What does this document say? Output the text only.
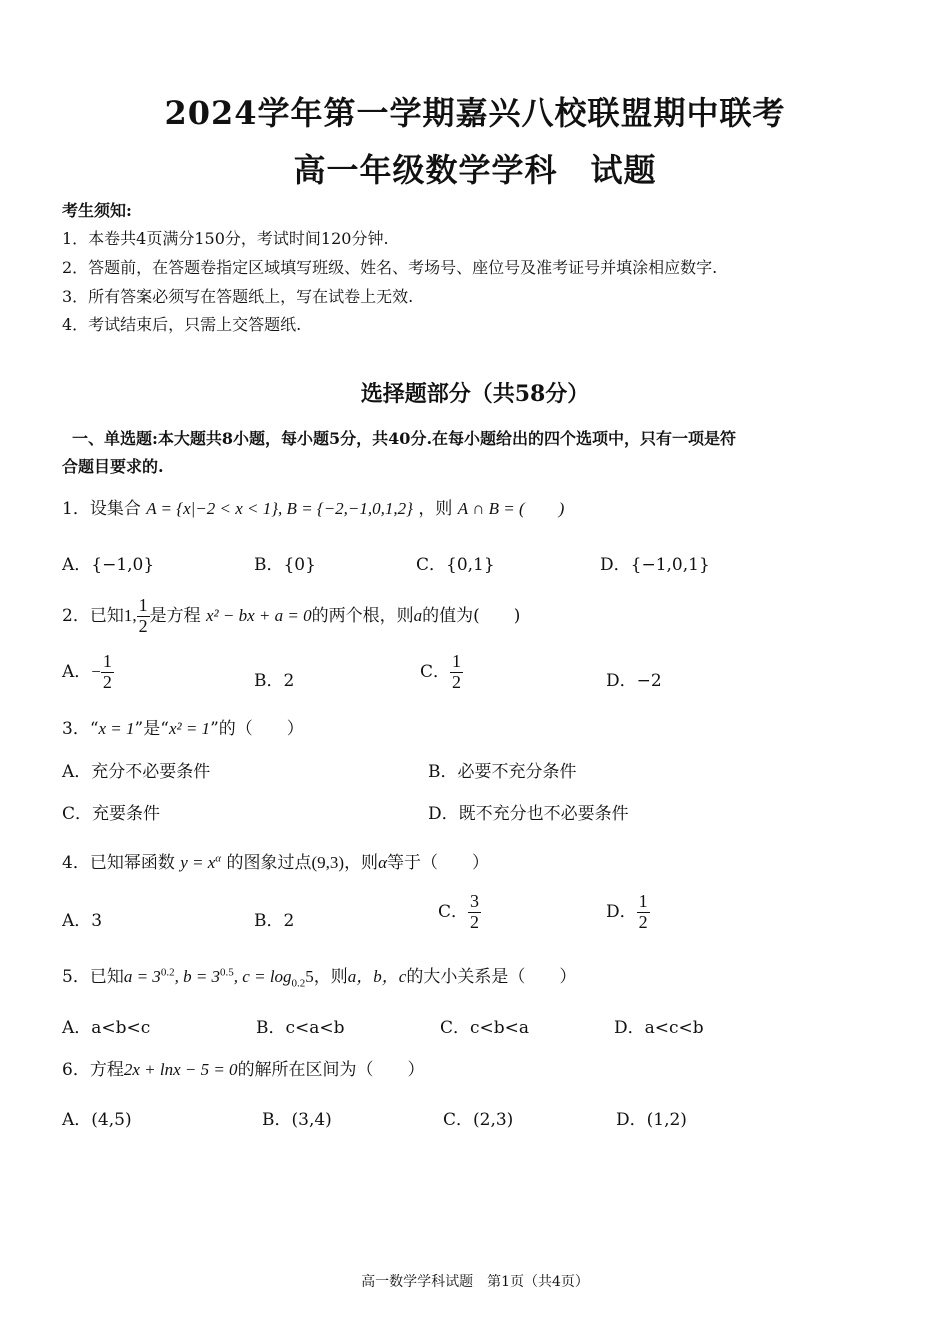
2024学年第一学期嘉兴八校联盟期中联考
高一年级数学学科　试题
考生须知:
1．本卷共4页满分150分，考试时间120分钟.
2．答题前，在答题卷指定区域填写班级、姓名、考场号、座位号及准考证号并填涂相应数字.
3．所有答案必须写在答题纸上，写在试卷上无效.
4．考试结束后，只需上交答题纸.
选择题部分（共58分）
一、单选题:本大题共8小题，每小题5分，共40分.在每小题给出的四个选项中，只有一项是符
合题目要求的.
1．设集合 A = {x|−2 < x < 1}, B = {−2,−1,0,1,2} ，则 A ∩ B = (　　)
A．{−1,0}	B．{0}	C．{0,1}	D．{−1,0,1}
2．已知1, $\frac{1}{2}$ 是方程 x² − bx + a = 0的两个根，则a的值为(　　)
A．− $\frac{1}{2}$	B．2	C． $\frac{1}{2}$	D．−2
3．“x = 1”是“x² = 1”的（　　）
A．充分不必要条件	B．必要不充分条件
C．充要条件	D．既不充分也不必要条件
4．已知幂函数 $y = x^\alpha$ 的图象过点(9,3)，则α等于（　　）
A．3	B．2	C． $\frac{3}{2}$	D． $\frac{1}{2}$
5．已知$a = 3^{0.2}$, $b = 3^{0.5}$, $c = \log_{0.2}5$，则a，b，c的大小关系是（　　）
A．a<b<c	B．c<a<b	C．c<b<a	D．a<c<b
6．方程2x + lnx − 5 = 0的解所在区间为（　　）
A．(4,5)	B．(3,4)	C．(2,3)	D．(1,2)
高一数学学科试题　第1页（共4页）
